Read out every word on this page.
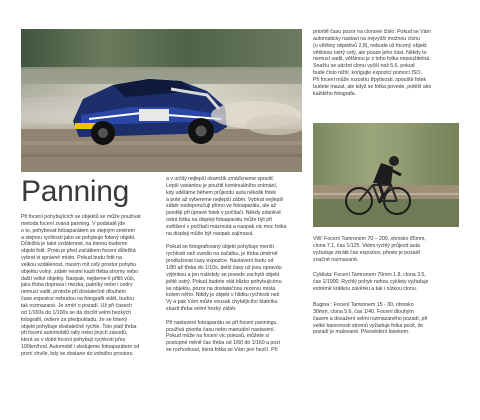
Panning
Při focení pohybujících se objektů se může používat
metoda focení zvaná panning. V podstatě jde
o to, pohybovat fotoaparátem se stejným směrem
a stejnou rychlostí jako se pohybuje fotený objekt.
Důležitá je také vzdálenost, na kterou budeme
objekt fotit. Proto je před začátkem focení důležitá
vybrat si správné místo. Pokud budu fotit na
velkou vzdálenost, musím mít celý prostor pohybu
objektu volný, záběr nesmí kazit třeba stromy nebo
další velké objekty. Naopak, nejdeme-li příliš vůči,
jako třeba doprava i mezka, patníky nebo i cedry
nemusí vadit, protože při dostatečně dlouhém
čase expozice nebudou na fotografii vidět, budou
tak rozmazané. Je zmírí o pozadí. Už při časech
od 1/160s do 1/100s se dá docílit velmi hezkých
fotografií, ovšem za předpokladu, že se fotený
objekt pohybuje dostatečně rychle. Toto platí třeba
při focení automobilů rally nebo jiných závodů,
která se v době focení pohybují rychlostí přes
100km/hod. Automobil i sledujeme fotoaparátem od
první chvíle, kdy se dostane do volného prostoru
a v určitý nejlepší okamžik zmáčkneme spoušť.
Lepší variantou je použití kontinuálního snímání,
kdy uděláme během průjezdu auta několik fotek
a poté až vybereme nejlepší záběr. Vybírat nejlepší
záběr nedoporučuji přímo ve fotoaparátu, ale až
později při úpravě fotek v počítači. Někdy zdánlivě
ostrá fotka na displeji fotoaparátu může být při
zvětšení v počítači mázmutá a naopak nic moc fotka
na displeji může být naopak zajímavá.

Pokud se fotografovaný objekt pohybuje menší
rychlostí než uvedlo na začátku, je třeba úměrně
prodlužovat časy expozice. Nastavení budu od
1/80 až třeba do 1/10s, delší časy už jsou opravdu
výjimkou a jen málokdy se povede zachytit objekt
ještě ostrý. Pokud budete stát blízko pohybujícímu
se objektu, pozor na dostatečnou rezervu místa
kolem něho. Nikdy je objekt v hlídku rychlostí než
Vy a pak Vám může vousak chybějícího blatníku
zkazit třeba velmi hezký záběr.

Při nastavení fotoaparátu se při focení panningu
používá priorita času nebo manuální nastavení.
Pokud může na focení víc pokusů, můžete si
postupně měnit čas třeba od 1/60 do 1/160 a pozi
se rozhodnout, která fotka se Vám jeví hezčí. Při
prioritě času pozor na clonové číslo. Pokud se Vám
automaticky nastaví na nejvyšší možnou clonu
(u většiny objektivů 2,8), nebude už focený objekt
většinou ostrý celý, ale pouze jeho část. Někdy to
nemusí vadit, většinou je z toho fotka nepoužitelná.
Snažíu se udržet clonu vyšší než 5,6, pokud
bude číslo nižší, korigujte expozicí pomocí ISO.
Při focení může rozostru třpytivosti, spouště fotek
budete mazat, ale když se fotka povede, potěší ako
každého fotografa.
VW: Focení Tamronem 70 – 200, ohnisko 85mm,
clona 7.1, čas 1/125. Velmi rychlý průjezd auta
vyžaduje zkrátit čas expozice, přesto je pozadí
značně rozmazané.
Cyklista: Focení Tamronem 70mm 1.8, clona 3.5,
čas 1/1000. Rychlý pohyb nohou cyklisty vyžaduje
extrémě krátkou závěrku a tak i nízkou clonu.
Bugina : Focení Tamronem 15 - 30, ohnisko
30mm, clona 5.6, čas 1/40. Focení dlouhým
časem a dosažení velmi rozmazaného pozadí, při
velké barevnosti stromů vyžaduje fotka pocit, že
pozadí je malované. Přesvědení bisekem.
